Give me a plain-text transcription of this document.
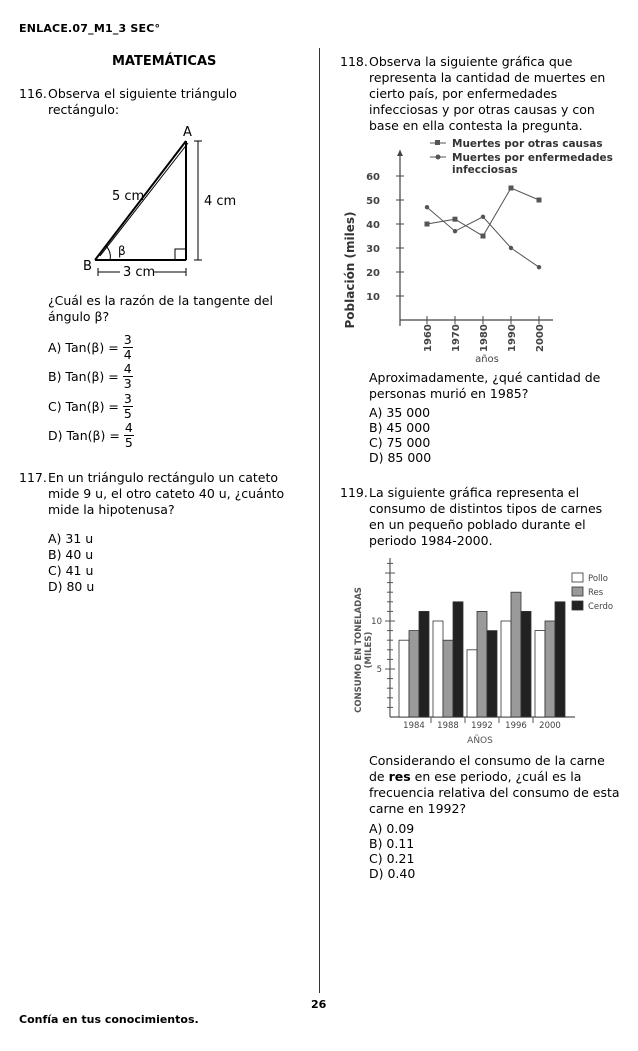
ENLACE.07_M1_3 SEC°
MATEMÁTICAS
26
Confía en tus conocimientos.
116. Observa el siguiente triángulo
rectángulo:
A
B
β
5 cm	4 cm
3 cm
¿Cuál es la razón de la tangente del
ángulo β?
A) $Tan(\beta) = \frac{3}{4}$
B) $Tan(\beta) = \frac{4}{3}$
C) $Tan(\beta) = \frac{3}{5}$
D) $Tan(\beta) = \frac{4}{5}$
117. En un triángulo rectángulo un cateto
mide 9 u, el otro cateto 40 u, ¿cuánto
mide la hipotenusa?
A) 31 u
B) 40 u
C) 41 u
D) 80 u
118. Observa la siguiente gráfica que
representa la cantidad de muertes en
cierto país, por enfermedades
infecciosas y por otras causas y con
base en ella contesta la pregunta.
Muertes por otras causas
Muertes por enfermedades
infecciosas
Población (miles)
años
10
20
30
40
50
60
1960 1970 1980 1990 2000
Aproximadamente, ¿qué cantidad de
personas murió en 1985?
A) 35 000
B) 45 000
C) 75 000
D) 85 000
119. La siguiente gráfica representa el
consumo de distintos tipos de carnes
en un pequeño poblado durante el
periodo 1984-2000.
CONSUMO EN TONELADAS (MILES)
AÑOS
5
10
1984 1988 1992 1996 2000
Pollo
Res
Cerdo
Considerando el consumo de la carne
de res en ese periodo, ¿cuál es la
frecuencia relativa del consumo de esta
carne en 1992?
A) 0.09
B) 0.11
C) 0.21
D) 0.40
